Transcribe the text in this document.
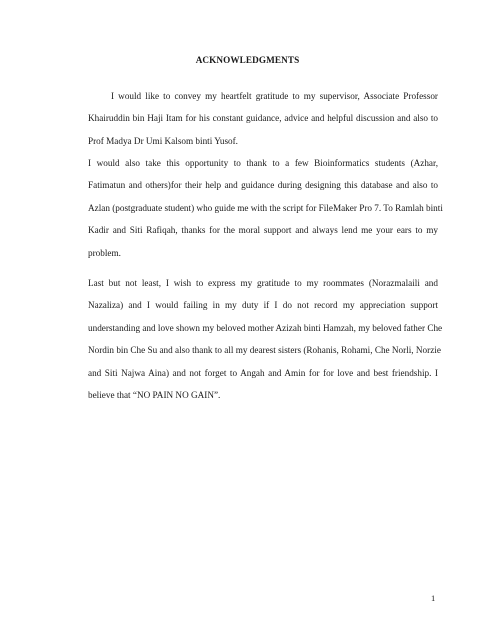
ACKNOWLEDGMENTS
I would like to convey my heartfelt gratitude to my supervisor, Associate Professor
Khairuddin bin Haji Itam for his constant guidance, advice and helpful discussion and also to
Prof Madya Dr Umi Kalsom binti Yusof.
I would also take this opportunity to thank to a few Bioinformatics students (Azhar,
Fatimatun and others)for their help and guidance during designing this database and also to
Azlan (postgraduate student) who guide me with the script for FileMaker Pro 7. To Ramlah binti
Kadir and Siti Rafiqah, thanks for the moral support and always lend me your ears to my
problem.
Last but not least, I wish to express my gratitude to my roommates (Norazmalaili and
Nazaliza) and I would failing in my duty if I do not record my appreciation support
understanding and love shown my beloved mother Azizah binti Hamzah, my beloved father Che
Nordin bin Che Su and also thank to all my dearest sisters (Rohanis, Rohami, Che Norli, Norzie
and Siti Najwa Aina) and not forget to Angah and Amin for for love and best friendship. I
believe that “NO PAIN NO GAIN”.
1
